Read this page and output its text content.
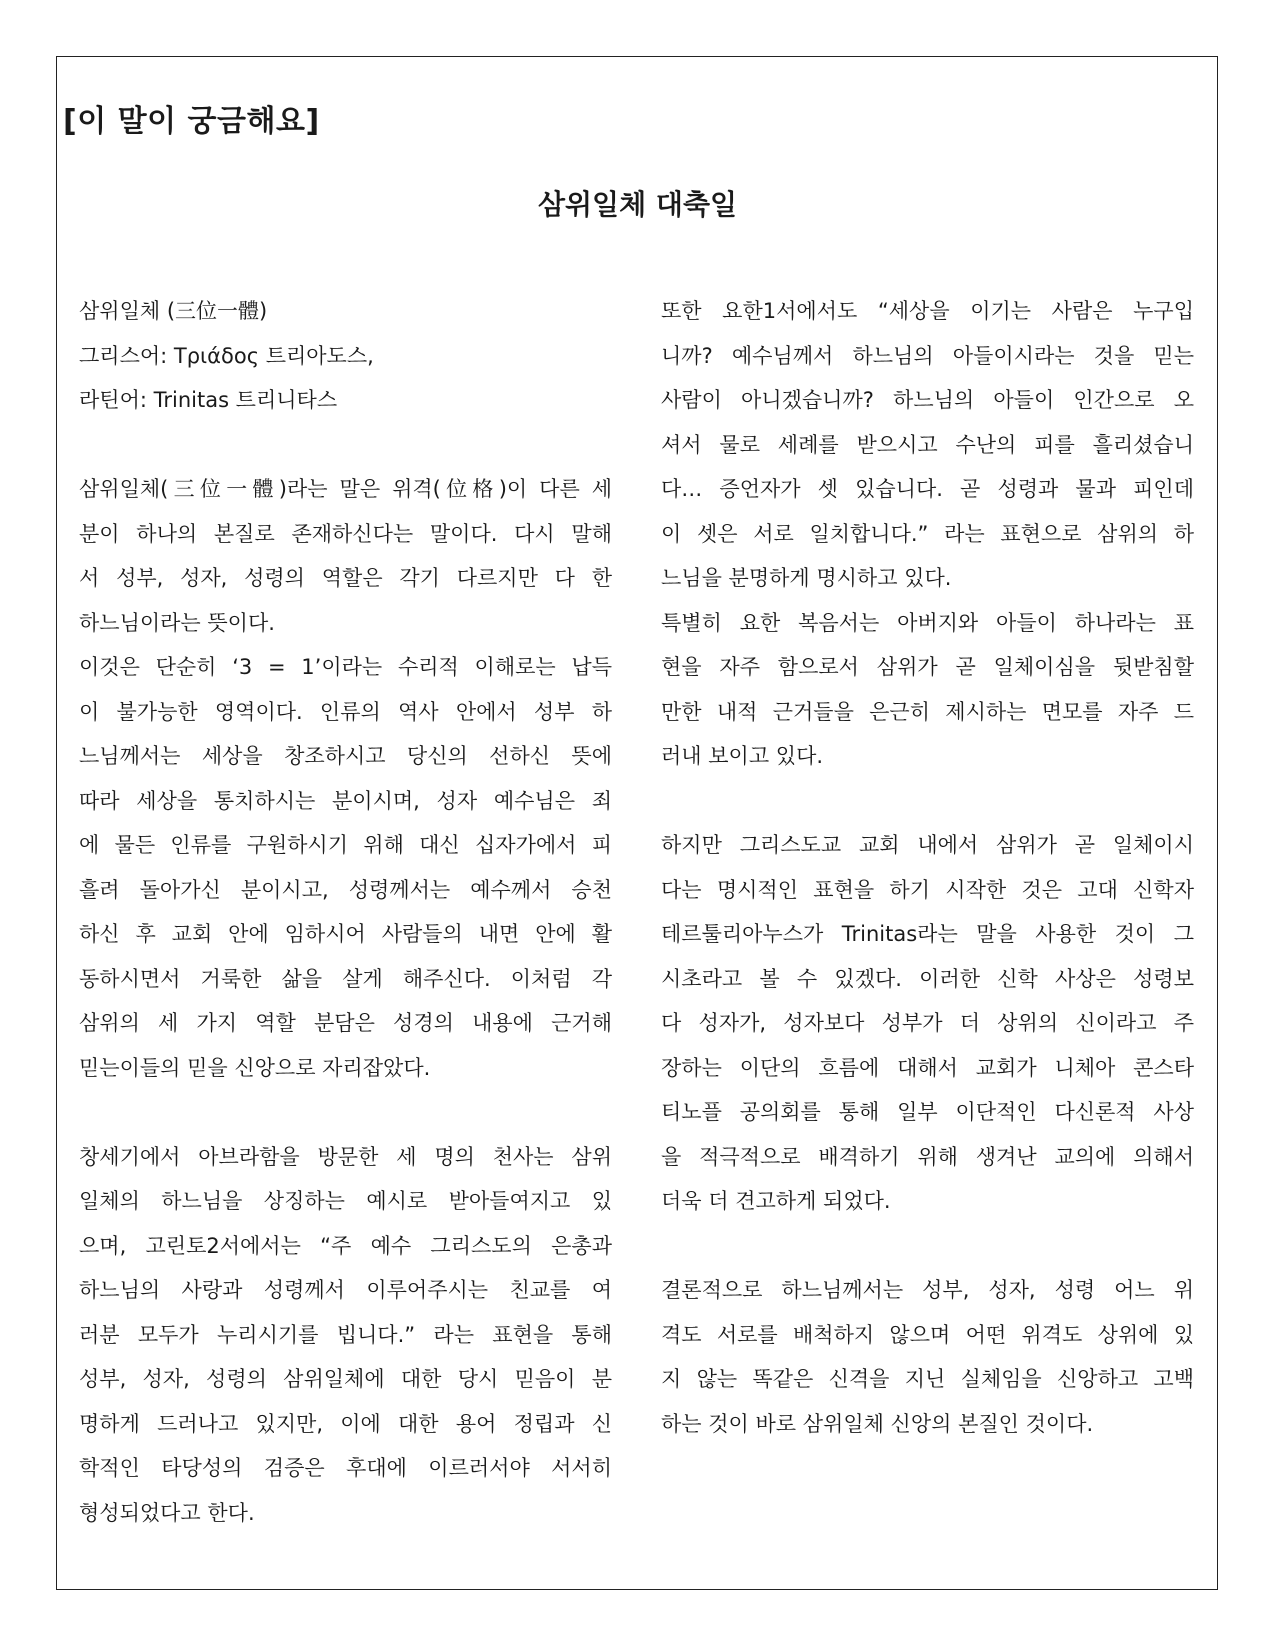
[이 말이 궁금해요]
삼위일체 대축일
삼위일체 (三位一體)
그리스어: Τριάδος 트리아도스,
라틴어: Trinitas 트리니타스
삼위일체(三位一體)라는 말은 위격(位格)이 다른 세
분이 하나의 본질로 존재하신다는 말이다. 다시 말해
서 성부, 성자, 성령의 역할은 각기 다르지만 다 한
하느님이라는 뜻이다.
이것은 단순히 ‘3 = 1’이라는 수리적 이해로는 납득
이 불가능한 영역이다. 인류의 역사 안에서 성부 하
느님께서는 세상을 창조하시고 당신의 선하신 뜻에
따라 세상을 통치하시는 분이시며, 성자 예수님은 죄
에 물든 인류를 구원하시기 위해 대신 십자가에서 피
흘려 돌아가신 분이시고, 성령께서는 예수께서 승천
하신 후 교회 안에 임하시어 사람들의 내면 안에 활
동하시면서 거룩한 삶을 살게 해주신다. 이처럼 각
삼위의 세 가지 역할 분담은 성경의 내용에 근거해
믿는이들의 믿을 신앙으로 자리잡았다.
창세기에서 아브라함을 방문한 세 명의 천사는 삼위
일체의 하느님을 상징하는 예시로 받아들여지고 있
으며, 고린토2서에서는 “주 예수 그리스도의 은총과
하느님의 사랑과 성령께서 이루어주시는 친교를 여
러분 모두가 누리시기를 빕니다.” 라는 표현을 통해
성부, 성자, 성령의 삼위일체에 대한 당시 믿음이 분
명하게 드러나고 있지만, 이에 대한 용어 정립과 신
학적인 타당성의 검증은 후대에 이르러서야 서서히
형성되었다고 한다.
또한 요한1서에서도 “세상을 이기는 사람은 누구입
니까? 예수님께서 하느님의 아들이시라는 것을 믿는
사람이 아니겠습니까? 하느님의 아들이 인간으로 오
셔서 물로 세례를 받으시고 수난의 피를 흘리셨습니
다… 증언자가 셋 있습니다. 곧 성령과 물과 피인데
이 셋은 서로 일치합니다.” 라는 표현으로 삼위의 하
느님을 분명하게 명시하고 있다.
특별히 요한 복음서는 아버지와 아들이 하나라는 표
현을 자주 함으로서 삼위가 곧 일체이심을 뒷받침할
만한 내적 근거들을 은근히 제시하는 면모를 자주 드
러내 보이고 있다.
하지만 그리스도교 교회 내에서 삼위가 곧 일체이시
다는 명시적인 표현을 하기 시작한 것은 고대 신학자
테르툴리아누스가 Trinitas라는 말을 사용한 것이 그
시초라고 볼 수 있겠다. 이러한 신학 사상은 성령보
다 성자가, 성자보다 성부가 더 상위의 신이라고 주
장하는 이단의 흐름에 대해서 교회가 니체아 콘스타
티노플 공의회를 통해 일부 이단적인 다신론적 사상
을 적극적으로 배격하기 위해 생겨난 교의에 의해서
더욱 더 견고하게 되었다.
결론적으로 하느님께서는 성부, 성자, 성령 어느 위
격도 서로를 배척하지 않으며 어떤 위격도 상위에 있
지 않는 똑같은 신격을 지닌 실체임을 신앙하고 고백
하는 것이 바로 삼위일체 신앙의 본질인 것이다.
